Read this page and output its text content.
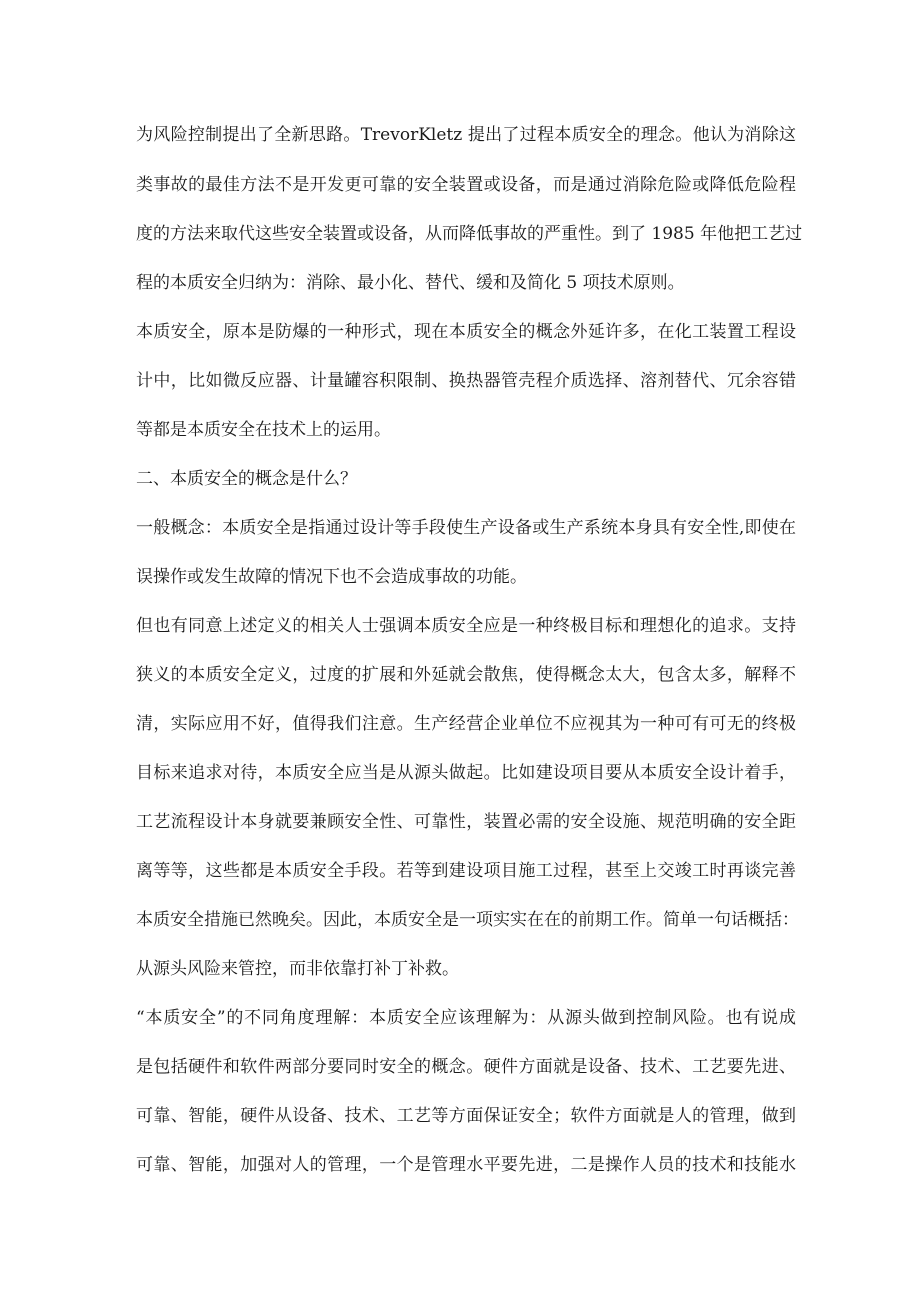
为风险控制提出了全新思路。TrevorKletz 提出了过程本质安全的理念。他认为消除这
类事故的最佳方法不是开发更可靠的安全装置或设备，而是通过消除危险或降低危险程
度的方法来取代这些安全装置或设备，从而降低事故的严重性。到了 1985 年他把工艺过
程的本质安全归纳为：消除、最小化、替代、缓和及简化 5 项技术原则。
本质安全，原本是防爆的一种形式，现在本质安全的概念外延许多，在化工装置工程设
计中，比如微反应器、计量罐容积限制、换热器管壳程介质选择、溶剂替代、冗余容错
等都是本质安全在技术上的运用。
二、本质安全的概念是什么？
一般概念：本质安全是指通过设计等手段使生产设备或生产系统本身具有安全性,即使在
误操作或发生故障的情况下也不会造成事故的功能。
但也有同意上述定义的相关人士强调本质安全应是一种终极目标和理想化的追求。支持
狭义的本质安全定义，过度的扩展和外延就会散焦，使得概念太大，包含太多，解释不
清，实际应用不好，值得我们注意。生产经营企业单位不应视其为一种可有可无的终极
目标来追求对待，本质安全应当是从源头做起。比如建设项目要从本质安全设计着手，
工艺流程设计本身就要兼顾安全性、可靠性，装置必需的安全设施、规范明确的安全距
离等等，这些都是本质安全手段。若等到建设项目施工过程，甚至上交竣工时再谈完善
本质安全措施已然晚矣。因此，本质安全是一项实实在在的前期工作。简单一句话概括：
从源头风险来管控，而非依靠打补丁补救。
“本质安全”的不同角度理解：本质安全应该理解为：从源头做到控制风险。也有说成
是包括硬件和软件两部分要同时安全的概念。硬件方面就是设备、技术、工艺要先进、
可靠、智能，硬件从设备、技术、工艺等方面保证安全；软件方面就是人的管理，做到
可靠、智能，加强对人的管理，一个是管理水平要先进，二是操作人员的技术和技能水
